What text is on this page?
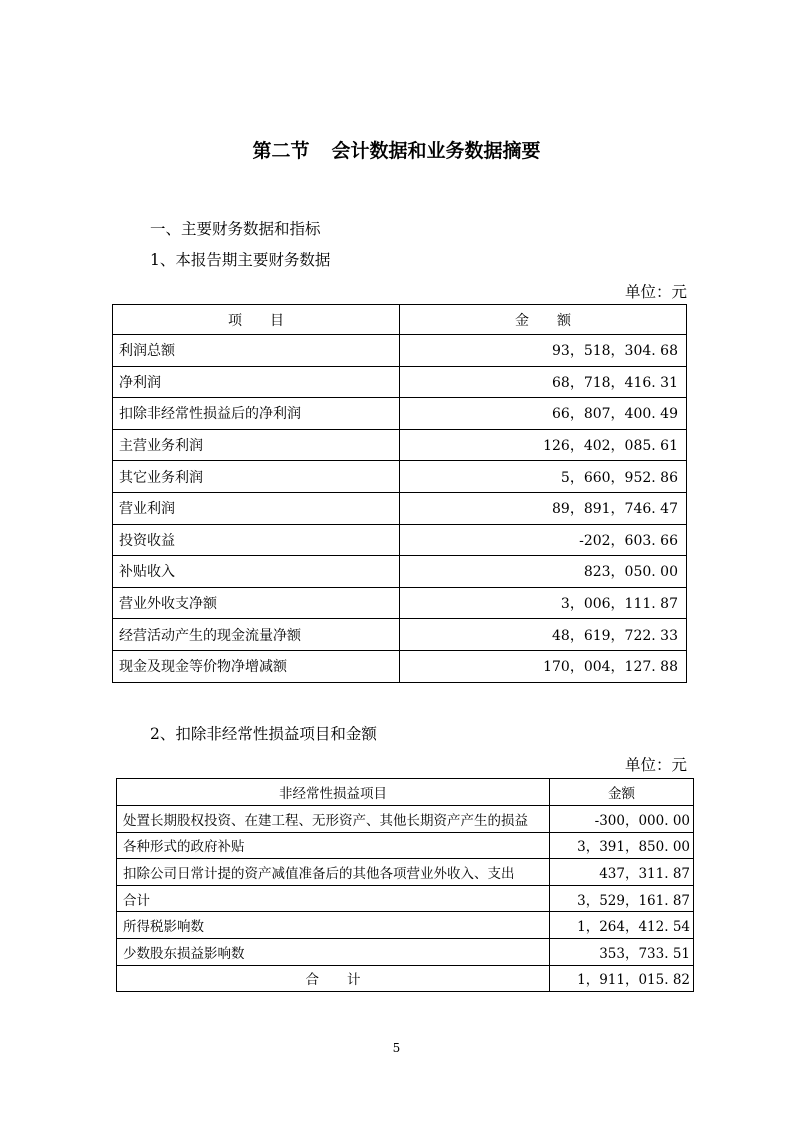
第二节 会计数据和业务数据摘要
一、主要财务数据和指标
1、本报告期主要财务数据
单位：元
项　　目	金　　额
利润总额	93，518，304. 68
净利润	68，718，416. 31
扣除非经常性损益后的净利润	66，807，400. 49
主营业务利润	126，402，085. 61
其它业务利润	5，660，952. 86
营业利润	89，891，746. 47
投资收益	-202，603. 66
补贴收入	823，050. 00
营业外收支净额	3，006，111. 87
经营活动产生的现金流量净额	48，619，722. 33
现金及现金等价物净增减额	170，004，127. 88
2、扣除非经常性损益项目和金额
单位：元
非经常性损益项目	金额
处置长期股权投资、在建工程、无形资产、其他长期资产产生的损益	-300，000. 00
各种形式的政府补贴	3，391，850. 00
扣除公司日常计提的资产减值准备后的其他各项营业外收入、支出	437，311. 87
合计	3，529，161. 87
所得税影响数	1，264，412. 54
少数股东损益影响数	353，733. 51
合计	1，911，015. 82
5
